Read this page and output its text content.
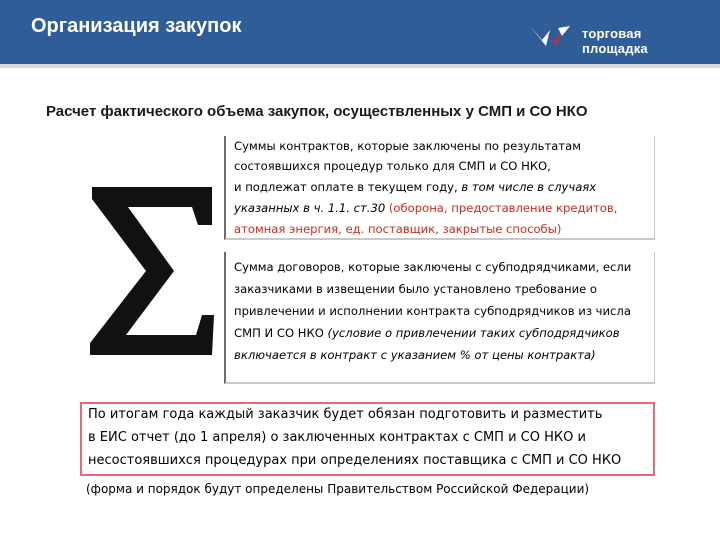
Организация закупок	торговая площадка
Расчет фактического объема закупок, осуществленных у СМП и СО НКО
Суммы контрактов, которые заключены по результатам
состоявшихся процедур только для СМП и СО НКО,
и подлежат оплате в текущем году, в том числе в случаях
указанных в ч. 1.1. ст.30 (оборона, предоставление кредитов,
атомная энергия, ед. поставщик, закрытые способы)
Сумма договоров, которые заключены с субподрядчиками, если
заказчиками в извещении было установлено требование о
привлечении и исполнении контракта субподрядчиков из числа
СМП И СО НКО (условие о привлечении таких субподрядчиков
включается в контракт с указанием % от цены контракта)
По итогам года каждый заказчик будет обязан подготовить и разместить
в ЕИС отчет (до 1 апреля) о заключенных контрактах с СМП и СО НКО и
несостоявшихся процедурах при определениях поставщика с СМП и СО НКО
(форма и порядок будут определены Правительством Российской Федерации)
